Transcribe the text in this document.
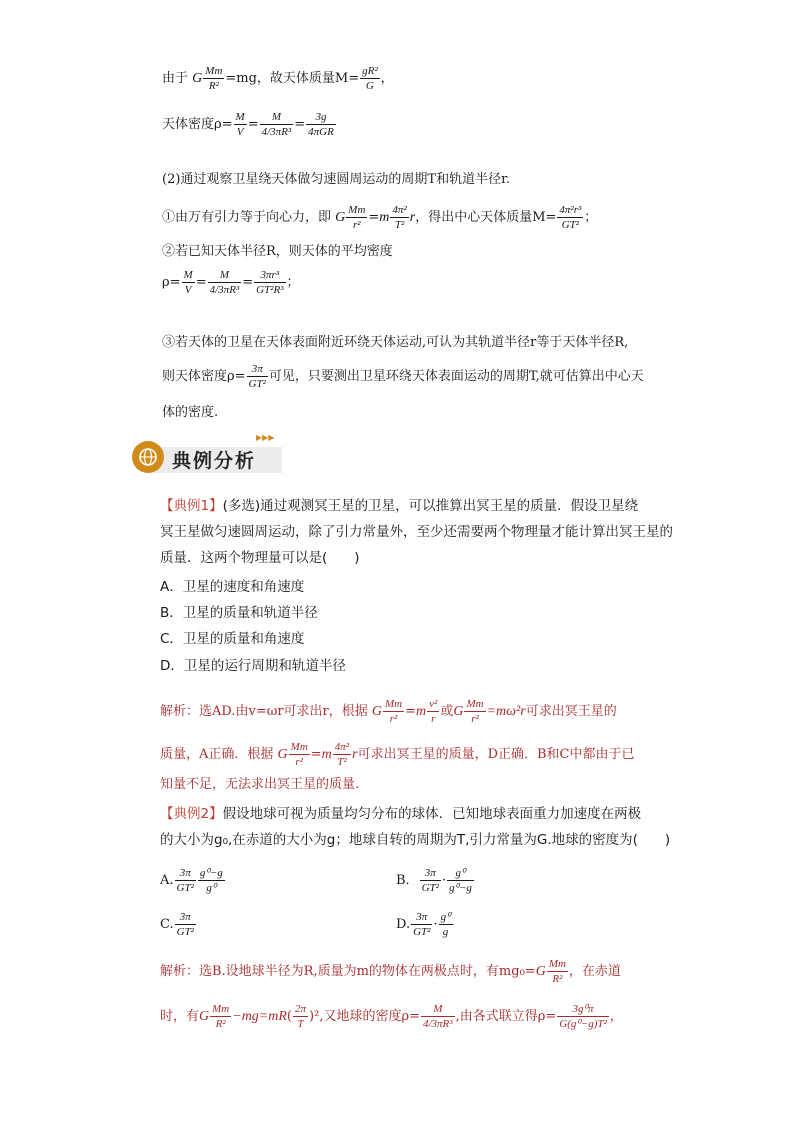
由于 G $\frac{Mm}{\text{R²}} =mg$，故天体质量$M= \frac{\text{gR²}}{G}$ ，
天体密度$\rho= \frac{M}{V} = \frac{M}{\text{4/3πR³}} = \frac{3g}{\text{4πGR}}$
(2)通过观察卫星绕天体做匀速圆周运动的周期T和轨道半径r.
①由万有引力等于向心力，即 G $\frac{Mm}{\text{r²}} =m \frac{\text{4π²}}{\text{T²}}$ r，得出中心天体质量$M= \frac{\text{4π²r³}}{\text{GT²}}$ ；
②若已知天体半径R，则天体的平均密度
$\rho= \frac{M}{V} = \frac{M}{\text{4/3πR³}} = \frac{\text{3πr³}}{\text{GT²R³}}$ ；
③若天体的卫星在天体表面附近环绕天体运动,可认为其轨道半径r等于天体半径R,
则天体密度$\rho= \frac{3\pi}{\text{GT²}}$ 可见，只要测出卫星环绕天体表面运动的周期T,就可估算出中心天
体的密度.
▶▶▶
典例分析
【典例1】(多选)通过观测冥王星的卫星，可以推算出冥王星的质量．假设卫星绕
冥王星做匀速圆周运动，除了引力常量外，至少还需要两个物理量才能计算出冥王星的
质量．这两个物理量可以是(　　)
A．卫星的速度和角速度
B．卫星的质量和轨道半径
C．卫星的质量和角速度
D．卫星的运行周期和轨道半径
解析：选AD.由v=ωr可求出r，根据 G $\frac{Mm}{\text{r²}} =m \frac{\text{v²}}{r}$ 或G $\frac{Mm}{\text{r²}} =m\omega^2r$可求出冥王星的
质量，A正确．根据 G $\frac{Mm}{\text{r²}} =m \frac{\text{4π²}}{\text{T²}}$ r可求出冥王星的质量，D正确．B和C中都由于已
知量不足，无法求出冥王星的质量.
【典例2】假设地球可视为质量均匀分布的球体．已知地球表面重力加速度在两极
的大小为g₀,在赤道的大小为g；地球自转的周期为T,引力常量为G.地球的密度为(　　)
A. $\frac{3\pi}{\text{GT²}} \frac{\text{g⁰−g}}{\text{g⁰}}$	B． $\frac{3\pi}{\text{GT²}} \cdot \frac{\text{g⁰}}{\text{g⁰−g}}$
C. $\frac{3\pi}{\text{GT²}}$	D. $\frac{3\pi}{\text{GT²}} \cdot \frac{\text{g⁰}}{g}$
解析：选B.设地球半径为R,质量为m的物体在两极点时，有$mg_0=G \frac{Mm}{\text{R²}}$ ，在赤道
时，有G $\frac{Mm}{\text{R²}} -mg=mR( \frac{2\pi}{T} )^2$,又地球的密度$\rho= \frac{M}{\text{4/3πR³}}$ ,由各式联立得$\rho= \frac{\text{3g⁰π}}{\text{G(g⁰−g)T²}}$ ，
